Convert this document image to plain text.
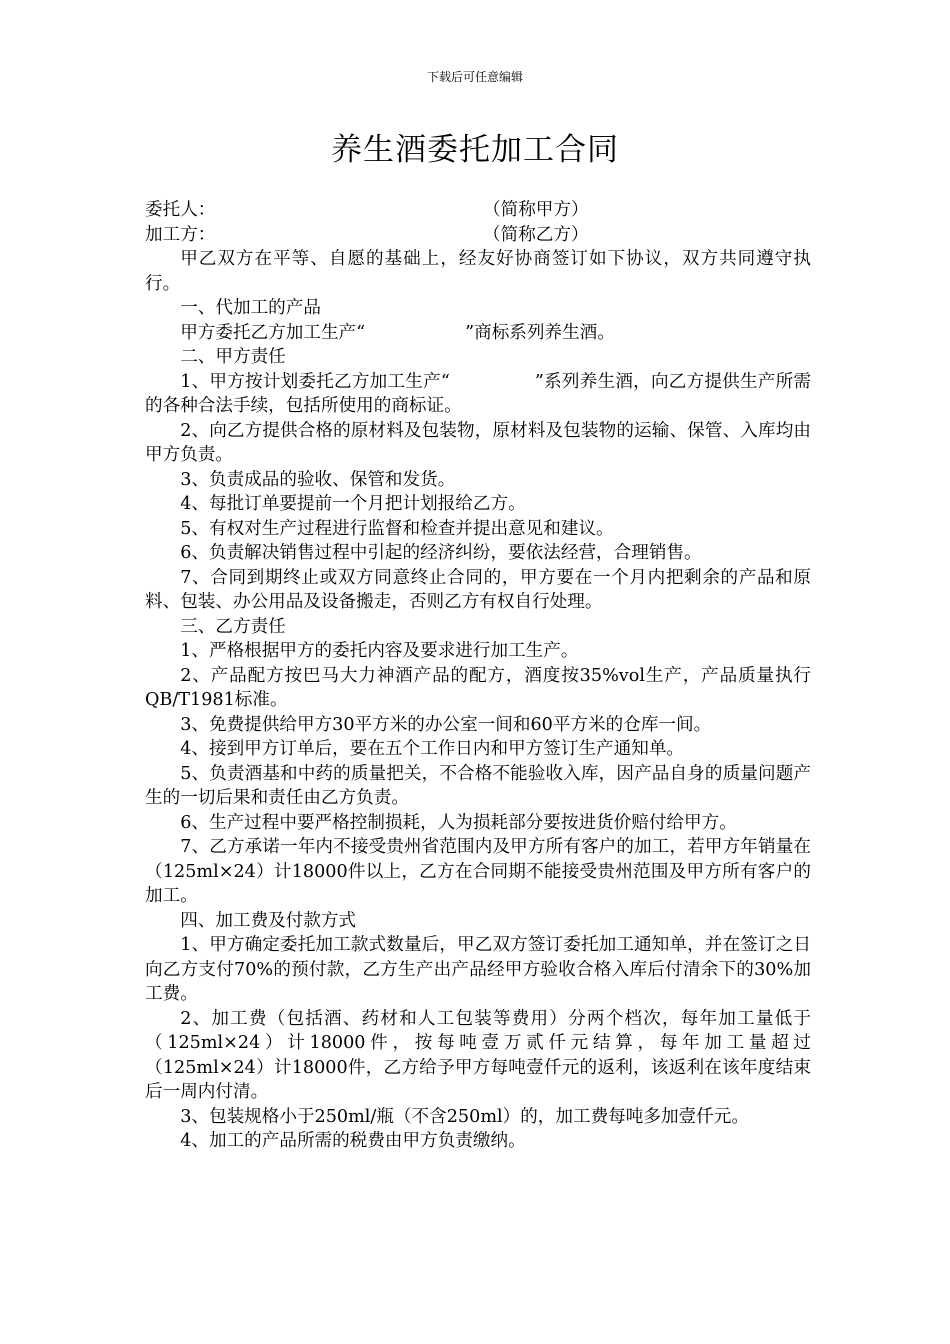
下载后可任意编辑
养生酒委托加工合同
委托人：	（简称甲方）
加工方：	（简称乙方）

甲乙双方在平等、自愿的基础上，经友好协商签订如下协议，双方共同遵守执行。

一、代加工的产品

甲方委托乙方加工生产“	”商标系列养生酒。

二、甲方责任

1、甲方按计划委托乙方加工生产“	”系列养生酒，向乙方提供生产所需的各种合法手续，包括所使用的商标证。

2、向乙方提供合格的原材料及包装物，原材料及包装物的运输、保管、入库均由甲方负责。

3、负责成品的验收、保管和发货。

4、每批订单要提前一个月把计划报给乙方。

5、有权对生产过程进行监督和检查并提出意见和建议。

6、负责解决销售过程中引起的经济纠纷，要依法经营，合理销售。

7、合同到期终止或双方同意终止合同的，甲方要在一个月内把剩余的产品和原料、包装、办公用品及设备搬走，否则乙方有权自行处理。

三、乙方责任

1、严格根据甲方的委托内容及要求进行加工生产。

2、产品配方按巴马大力神酒产品的配方，酒度按35%vol生产，产品质量执行QB/T1981标准。

3、免费提供给甲方30平方米的办公室一间和60平方米的仓库一间。

4、接到甲方订单后，要在五个工作日内和甲方签订生产通知单。

5、负责酒基和中药的质量把关，不合格不能验收入库，因产品自身的质量问题产生的一切后果和责任由乙方负责。

6、生产过程中要严格控制损耗，人为损耗部分要按进货价赔付给甲方。

7、乙方承诺一年内不接受贵州省范围内及甲方所有客户的加工，若甲方年销量在（125ml×24）计18000件以上，乙方在合同期不能接受贵州范围及甲方所有客户的加工。

四、加工费及付款方式

1、甲方确定委托加工款式数量后，甲乙双方签订委托加工通知单，并在签订之日向乙方支付70%的预付款，乙方生产出产品经甲方验收合格入库后付清余下的30%加工费。

2、加工费（包括酒、药材和人工包装等费用）分两个档次，每年加工量低于（125ml×24）计18000件，按每吨壹万贰仟元结算，每年加工量超过（125ml×24）计18000件，乙方给予甲方每吨壹仟元的返利，该返利在该年度结束后一周内付清。

3、包装规格小于250ml/瓶（不含250ml）的，加工费每吨多加壹仟元。

4、加工的产品所需的税费由甲方负责缴纳。
